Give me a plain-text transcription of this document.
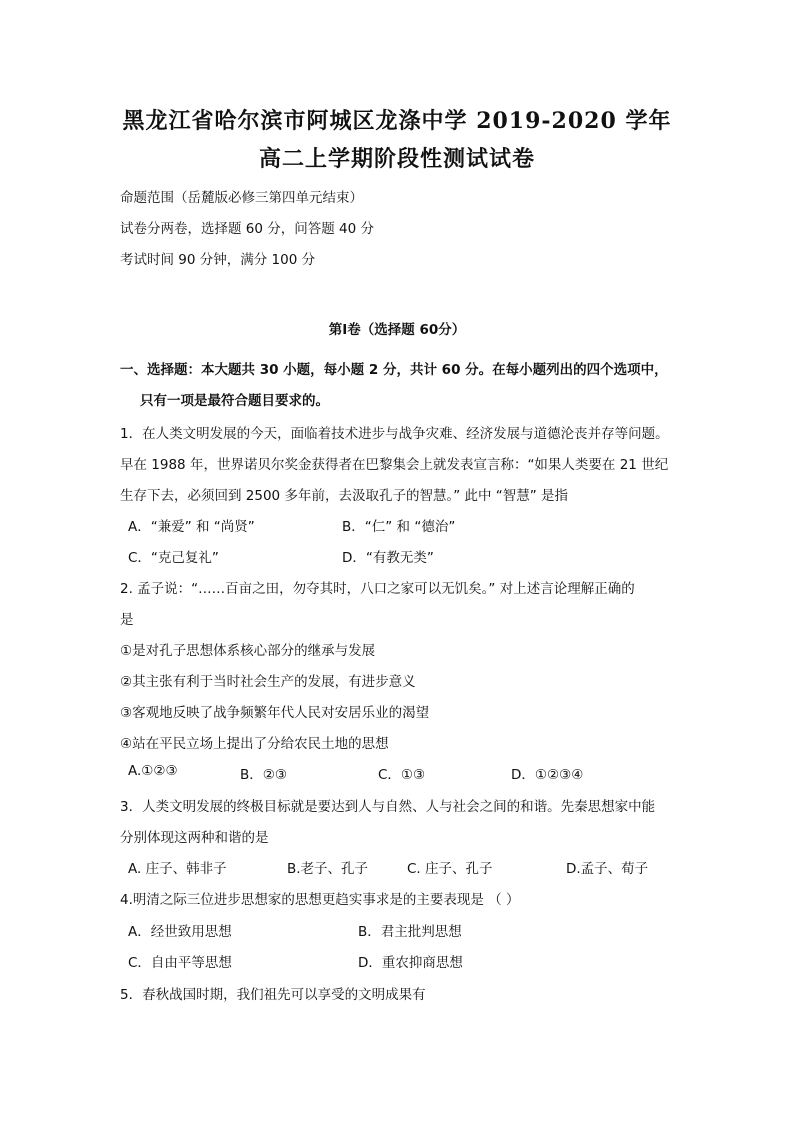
黑龙江省哈尔滨市阿城区龙涤中学 2019-2020 学年
高二上学期阶段性测试试卷
命题范围（岳麓版必修三第四单元结束）
试卷分两卷，选择题 60 分，问答题 40 分
考试时间 90 分钟，满分 100 分
第Ⅰ卷（选择题 60分）
一、选择题：本大题共 30 小题，每小题 2 分，共计 60 分。在每小题列出的四个选项中，
只有一项是最符合题目要求的。
1．在人类文明发展的今天，面临着技术进步与战争灾难、经济发展与道德沦丧并存等问题。
早在 1988 年，世界诺贝尔奖金获得者在巴黎集会上就发表宣言称：“如果人类要在 21 世纪
生存下去，必须回到 2500 多年前，去汲取孔子的智慧。” 此中 “智慧” 是指
A．“兼爱” 和 “尚贤”	B．“仁” 和 “德治”
C．“克己复礼”	D．“有教无类”
2. 孟子说：“……百亩之田，勿夺其时，八口之家可以无饥矣。” 对上述言论理解正确的
是
①是对孔子思想体系核心部分的继承与发展
②其主张有利于当时社会生产的发展，有进步意义
③客观地反映了战争频繁年代人民对安居乐业的渴望
④站在平民立场上提出了分给农民土地的思想
A.①②③	B．②③	C．①③	D．①②③④
3．人类文明发展的终极目标就是要达到人与自然、人与社会之间的和谐。先秦思想家中能
分别体现这两种和谐的是
A. 庄子、韩非子	B.老子、孔子	C. 庄子、孔子	D.孟子、荀子
4.明清之际三位进步思想家的思想更趋实事求是的主要表现是 （ ）
A．经世致用思想	B．君主批判思想
C．自由平等思想	D．重农抑商思想
5．春秋战国时期，我们祖先可以享受的文明成果有
